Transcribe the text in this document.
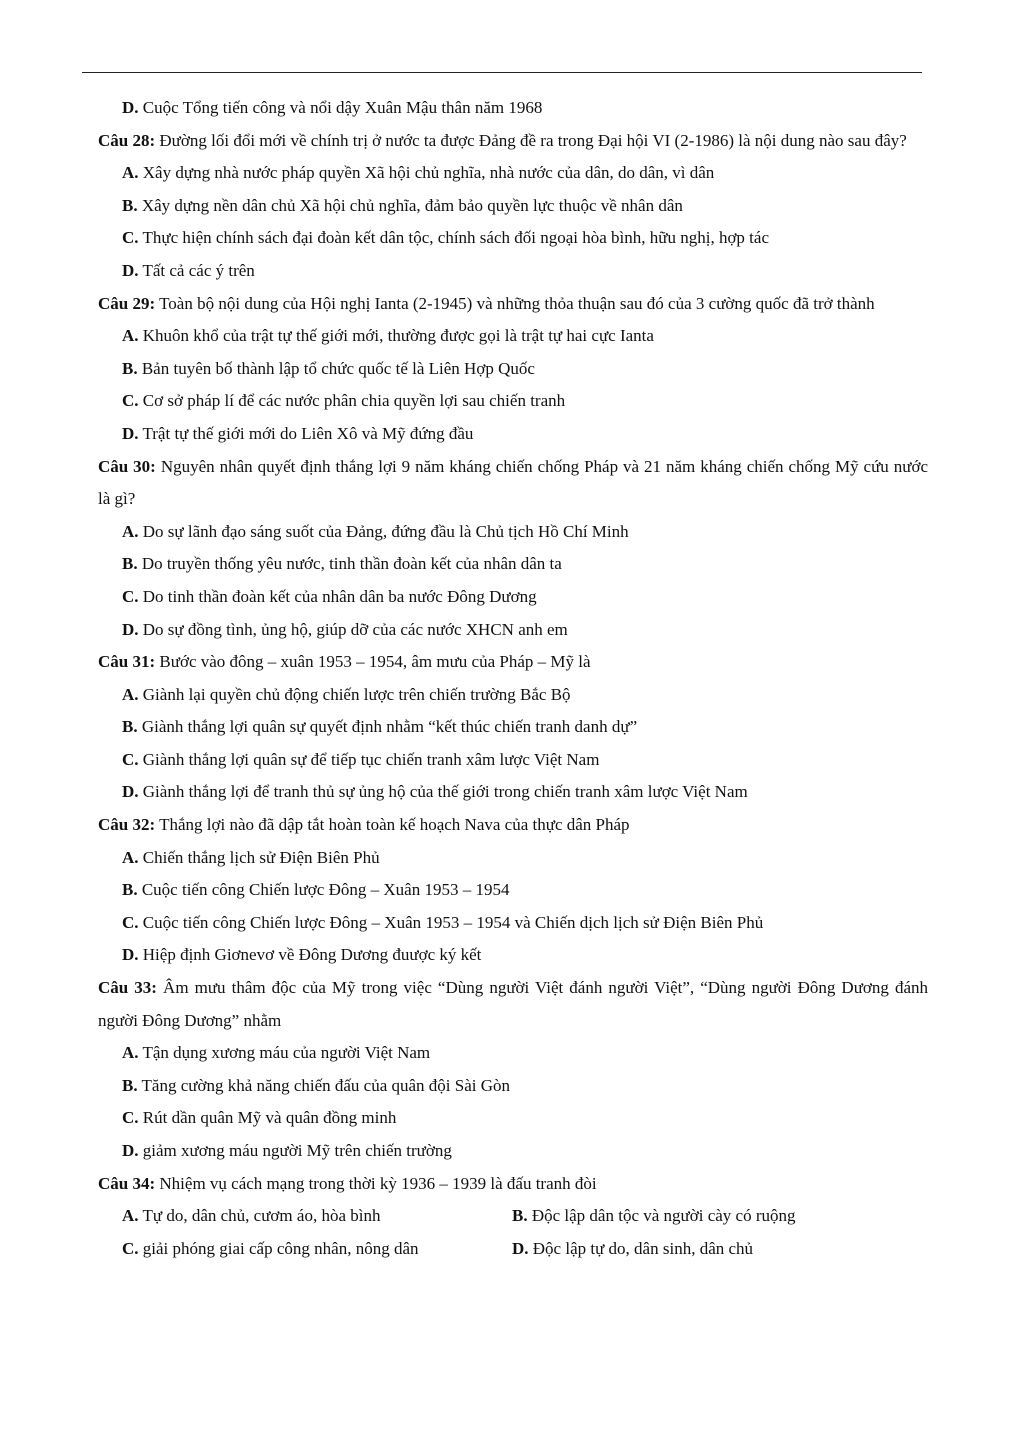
D. Cuộc Tổng tiến công và nổi dậy Xuân Mậu thân năm 1968

Câu 28: Đường lối đổi mới về chính trị ở nước ta được Đảng đề ra trong Đại hội VI (2-1986) là nội dung nào sau đây?

A. Xây dựng nhà nước pháp quyền Xã hội chủ nghĩa, nhà nước của dân, do dân, vì dân

B. Xây dựng nền dân chủ Xã hội chủ nghĩa, đảm bảo quyền lực thuộc về nhân dân

C. Thực hiện chính sách đại đoàn kết dân tộc, chính sách đối ngoại hòa bình, hữu nghị, hợp tác

D. Tất cả các ý trên

Câu 29: Toàn bộ nội dung của Hội nghị Ianta (2-1945) và những thỏa thuận sau đó của 3 cường quốc đã trở thành

A. Khuôn khổ của trật tự thế giới mới, thường được gọi là trật tự hai cực Ianta

B. Bản tuyên bố thành lập tổ chức quốc tế là Liên Hợp Quốc

C. Cơ sở pháp lí để các nước phân chia quyền lợi sau chiến tranh

D. Trật tự thế giới mới do Liên Xô và Mỹ đứng đầu

Câu 30: Nguyên nhân quyết định thắng lợi 9 năm kháng chiến chống Pháp và 21 năm kháng chiến chống Mỹ cứu nước là gì?

A. Do sự lãnh đạo sáng suốt của Đảng, đứng đầu là Chủ tịch Hồ Chí Minh

B. Do truyền thống yêu nước, tinh thần đoàn kết của nhân dân ta

C. Do tinh thần đoàn kết của nhân dân ba nước Đông Dương

D. Do sự đồng tình, ủng hộ, giúp dỡ của các nước XHCN anh em

Câu 31: Bước vào đông – xuân 1953 – 1954, âm mưu của Pháp – Mỹ là

A. Giành lại quyền chủ động chiến lược trên chiến trường Bắc Bộ

B. Giành thắng lợi quân sự quyết định nhằm “kết thúc chiến tranh danh dự”

C. Giành thắng lợi quân sự để tiếp tục chiến tranh xâm lược Việt Nam

D. Giành thắng lợi để tranh thủ sự ủng hộ của thế giới trong chiến tranh xâm lược Việt Nam

Câu 32: Thắng lợi nào đã dập tắt hoàn toàn kế hoạch Nava của thực dân Pháp

A. Chiến thắng lịch sử Điện Biên Phủ

B. Cuộc tiến công Chiến lược Đông – Xuân 1953 – 1954

C. Cuộc tiến công Chiến lược Đông – Xuân 1953 – 1954 và Chiến dịch lịch sử Điện Biên Phủ

D. Hiệp định Giơnevơ về Đông Dương đuược ký kết

Câu 33: Âm mưu thâm độc của Mỹ trong việc “Dùng người Việt đánh người Việt”, “Dùng người Đông Dương đánh người Đông Dương” nhằm

A. Tận dụng xương máu của người Việt Nam

B. Tăng cường khả năng chiến đấu của quân đội Sài Gòn

C. Rút dần quân Mỹ và quân đồng minh

D. giảm xương máu người Mỹ trên chiến trường

Câu 34: Nhiệm vụ cách mạng trong thời kỳ 1936 – 1939 là đấu tranh đòi

A. Tự do, dân chủ, cươm áo, hòa bình	B. Độc lập dân tộc và người cày có ruộng
C. giải phóng giai cấp công nhân, nông dân	D. Độc lập tự do, dân sinh, dân chủ
